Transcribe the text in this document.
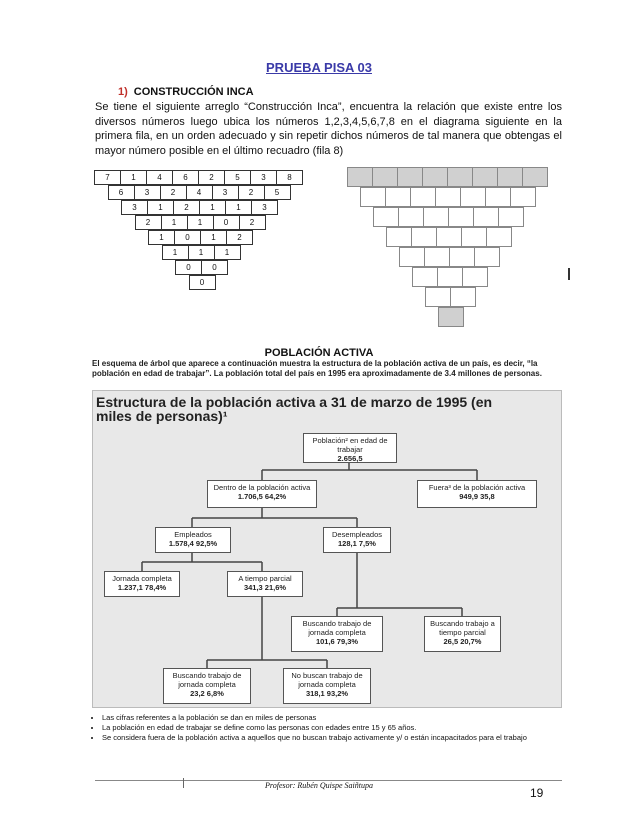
PRUEBA PISA 03
1) CONSTRUCCIÓN INCA
Se tiene el siguiente arreglo “Construcción Inca”, encuentra la relación que existe entre los diversos números luego ubica los números 1,2,3,4,5,6,7,8 en el diagrama siguiente en la primera fila, en un orden adecuado y sin repetir dichos números de tal manera que obtengas el mayor número posible en el último recuadro (fila 8)
7	1	4	6	2	5	3	8
6	3	2	4	3	2	5
3	1	2	1	1	3
2	1	1	0	2
1	0	1	2
1	1	1
0	0
0
POBLACIÓN ACTIVA
El esquema de árbol que aparece a continuación muestra la estructura de la población activa de un país, es decir, “la población en edad de trabajar”. La población total del país en 1995 era aproximadamente de 3.4 millones de personas.
Estructura de la población activa a 31 de marzo de 1995 (en miles de personas)¹
Población² en edad de trabajar
2.656,5
Dentro de la población activa
1.706,5 64,2%
Fuera³ de la población activa
949,9 35,8
Empleados
1.578,4 92,5%
Desempleados
128,1 7,5%
Jornada completa
1.237,1 78,4%
A tiempo parcial
341,3 21,6%
Buscando trabajo de jornada completa
101,6 79,3%
Buscando trabajo a tiempo parcial
26,5 20,7%
Buscando trabajo de jornada completa
23,2 6,8%
No buscan trabajo de jornada completa
318,1 93,2%
• Las cifras referentes a la población se dan en miles de personas
• La población en edad de trabajar se define como las personas con edades entre 15 y 65 años.
• Se considera fuera de la población activa a aquellos que no buscan trabajo activamente y/ o están incapacitados para el trabajo
Profesor: Rubén Quispe Saiñtupa
19
